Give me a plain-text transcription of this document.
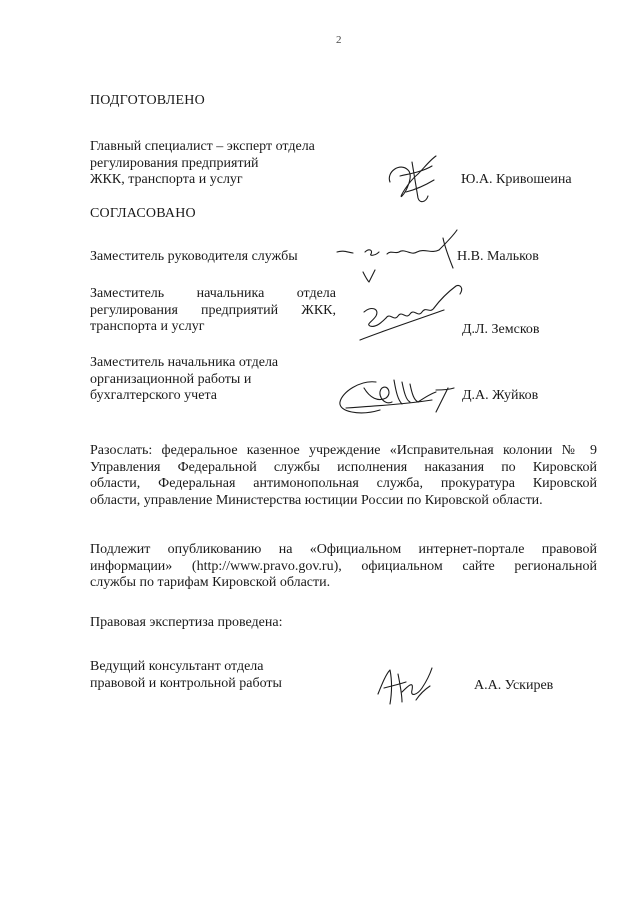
2
ПОДГОТОВЛЕНО
Главный специалист – эксперт отдела
регулирования предприятий
ЖКК, транспорта и услуг	Ю.А. Кривошеина
СОГЛАСОВАНО
Заместитель руководителя службы	Н.В. Мальков
Заместитель начальника отдела
регулирования предприятий ЖКК,
транспорта и услуг	Д.Л. Земсков
Заместитель начальника отдела
организационной работы и
бухгалтерского учета	Д.А. Жуйков
Разослать: федеральное казенное учреждение «Исправительная колонии № 9
Управления Федеральной службы исполнения наказания по Кировской
области, Федеральная антимонопольная служба, прокуратура Кировской
области, управление Министерства юстиции России по Кировской области.
Подлежит опубликованию на «Официальном интернет-портале правовой
информации» (http://www.pravo.gov.ru), официальном сайте региональной
службы по тарифам Кировской области.
Правовая экспертиза проведена:
Ведущий консультант отдела
правовой и контрольной работы	А.А. Ускирев
